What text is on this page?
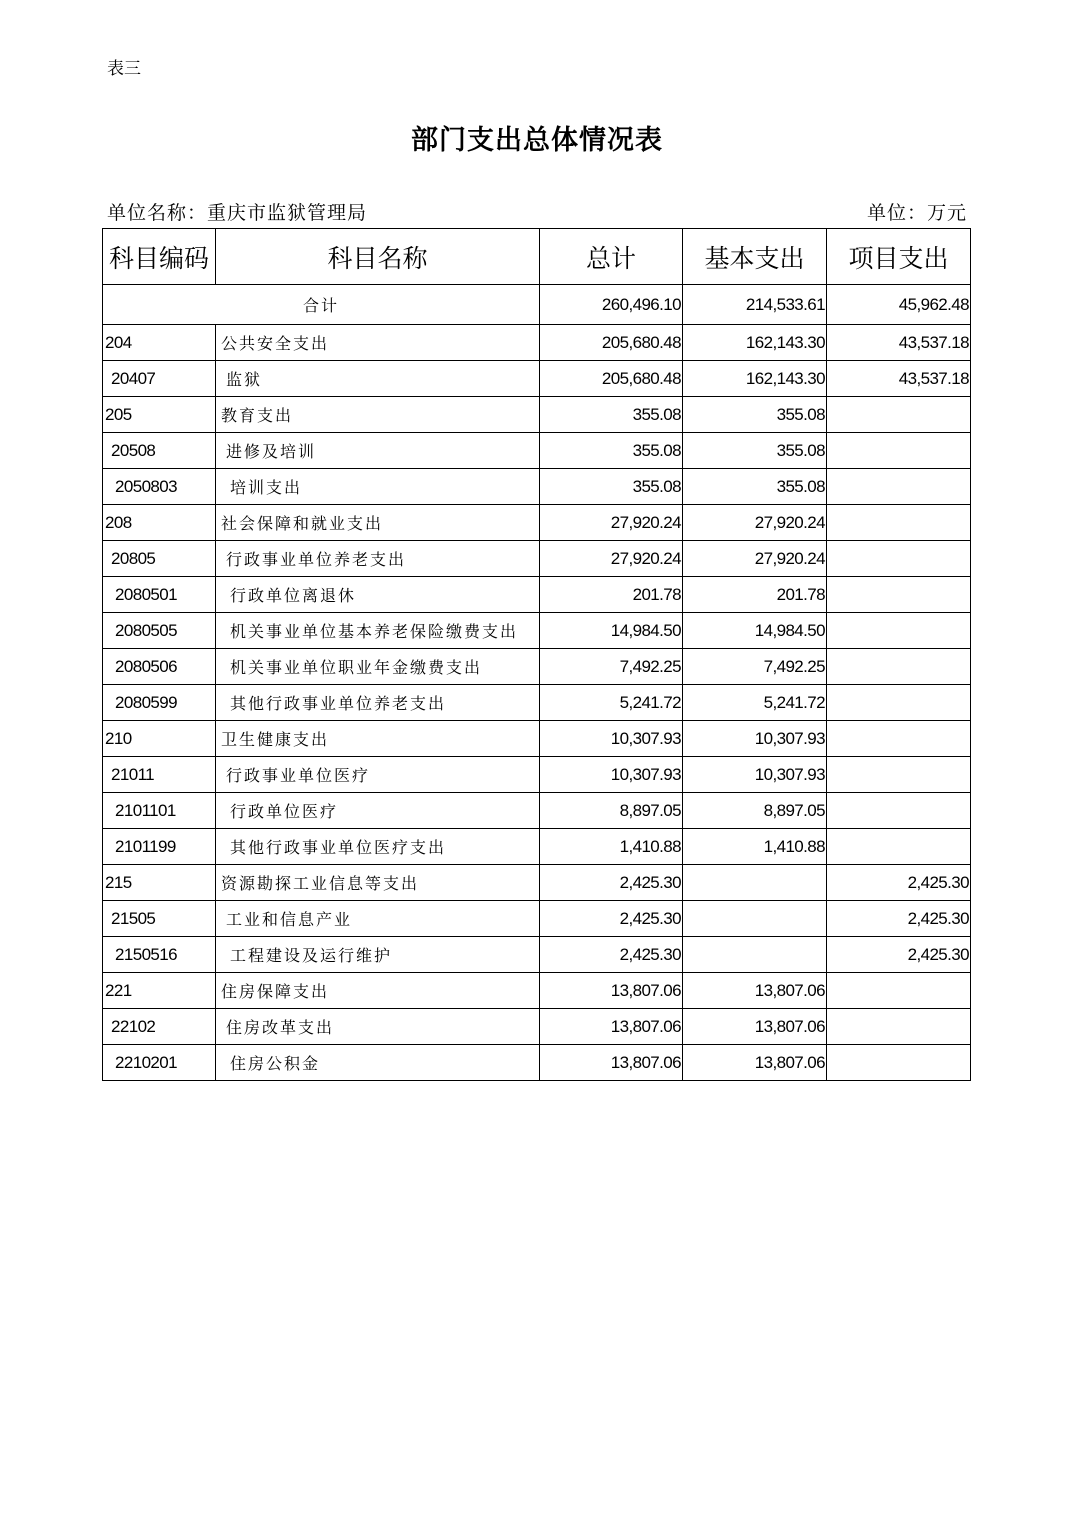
表三
部门支出总体情况表
单位名称：重庆市监狱管理局	单位：万元
科目编码	科目名称	总计	基本支出	项目支出
合计		260,496.10	214,533.61	45,962.48
204	公共安全支出	205,680.48	162,143.30	43,537.18
20407	监狱	205,680.48	162,143.30	43,537.18
205	教育支出	355.08	355.08	
20508	进修及培训	355.08	355.08	
2050803	培训支出	355.08	355.08	
208	社会保障和就业支出	27,920.24	27,920.24	
20805	行政事业单位养老支出	27,920.24	27,920.24	
2080501	行政单位离退休	201.78	201.78	
2080505	机关事业单位基本养老保险缴费支出	14,984.50	14,984.50	
2080506	机关事业单位职业年金缴费支出	7,492.25	7,492.25	
2080599	其他行政事业单位养老支出	5,241.72	5,241.72	
210	卫生健康支出	10,307.93	10,307.93	
21011	行政事业单位医疗	10,307.93	10,307.93	
2101101	行政单位医疗	8,897.05	8,897.05	
2101199	其他行政事业单位医疗支出	1,410.88	1,410.88	
215	资源勘探工业信息等支出	2,425.30		2,425.30
21505	工业和信息产业	2,425.30		2,425.30
2150516	工程建设及运行维护	2,425.30		2,425.30
221	住房保障支出	13,807.06	13,807.06	
22102	住房改革支出	13,807.06	13,807.06	
2210201	住房公积金	13,807.06	13,807.06	
